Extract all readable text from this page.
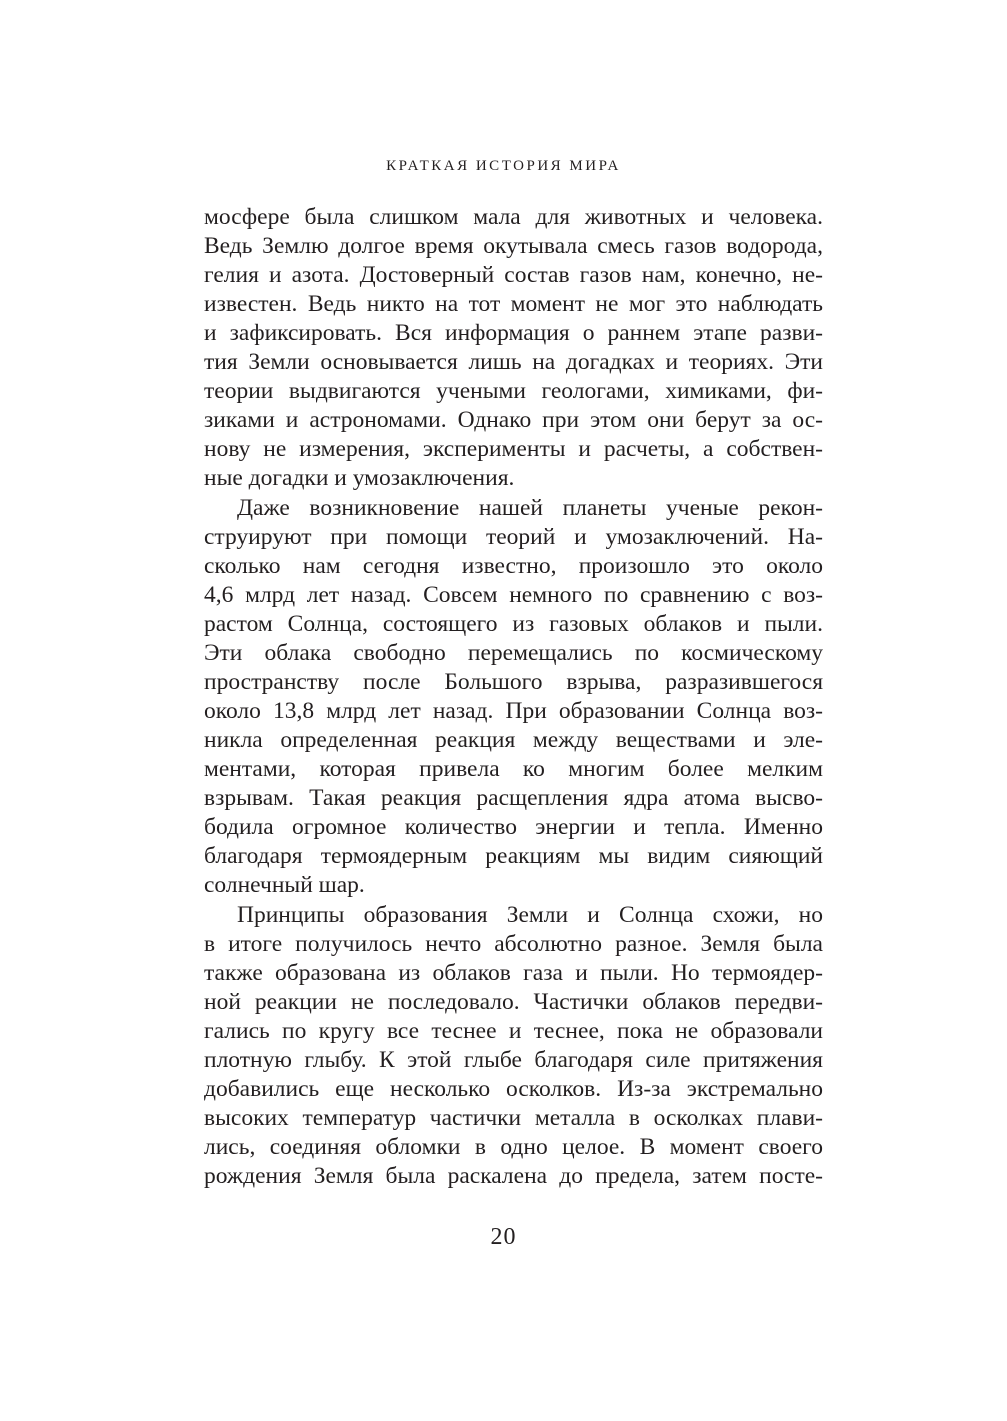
КРАТКАЯ ИСТОРИЯ МИРА
мосфере была слишком мала для животных и человека.
Ведь Землю долгое время окутывала смесь газов водорода,
гелия и азота. Достоверный состав газов нам, конечно, не-
известен. Ведь никто на тот момент не мог это наблюдать
и зафиксировать. Вся информация о раннем этапе разви-
тия Земли основывается лишь на догадках и теориях. Эти
теории выдвигаются учеными геологами, химиками, фи-
зиками и астрономами. Однако при этом они берут за ос-
нову не измерения, эксперименты и расчеты, а собствен-
ные догадки и умозаключения.
Даже возникновение нашей планеты ученые рекон-
струируют при помощи теорий и умозаключений. На-
сколько нам сегодня известно, произошло это около
4,6 млрд лет назад. Совсем немного по сравнению с воз-
растом Солнца, состоящего из газовых облаков и пыли.
Эти облака свободно перемещались по космическому
пространству после Большого взрыва, разразившегося
около 13,8 млрд лет назад. При образовании Солнца воз-
никла определенная реакция между веществами и эле-
ментами, которая привела ко многим более мелким
взрывам. Такая реакция расщепления ядра атома высво-
бодила огромное количество энергии и тепла. Именно
благодаря термоядерным реакциям мы видим сияющий
солнечный шар.
Принципы образования Земли и Солнца схожи, но
в итоге получилось нечто абсолютно разное. Земля была
также образована из облаков газа и пыли. Но термоядер-
ной реакции не последовало. Частички облаков передви-
гались по кругу все теснее и теснее, пока не образовали
плотную глыбу. К этой глыбе благодаря силе притяжения
добавились еще несколько осколков. Из-за экстремально
высоких температур частички металла в осколках плави-
лись, соединяя обломки в одно целое. В момент своего
рождения Земля была раскалена до предела, затем посте-
20
